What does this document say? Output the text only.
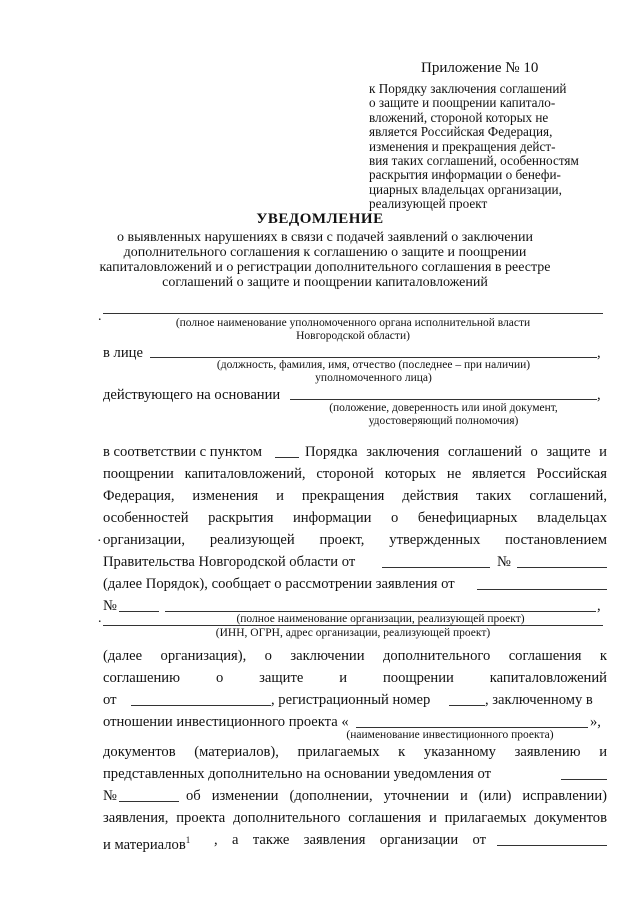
Приложение № 10
к Порядку заключения соглашений
о защите и поощрении капитало-
вложений, стороной которых не
является Российская Федерация,
изменения и прекращения дейст-
вия таких соглашений, особенностям
раскрытия информации о бенефи-
циарных владельцах организации,
реализующей проект
УВЕДОМЛЕНИЕ
о выявленных нарушениях в связи с подачей заявлений о заключении
дополнительного соглашения к соглашению о защите и поощрении
капиталовложений и о регистрации дополнительного соглашения в реестре
соглашений о защите и поощрении капиталовложений
.	(полное наименование уполномоченного органа исполнительной власти
Новгородской области)
в лице	,
(должность, фамилия, имя, отчество (последнее – при наличии)
уполномоченного лица)
действующего на основании	,
(положение, доверенность или иной документ,
удостоверяющий полномочия)
в соответствии с пунктом	Порядка заключения соглашений о защите и
поощрении капиталовложений, стороной которых не является Российская
Федерация, изменения и прекращения действия таких соглашений,
особенностей раскрытия информации о бенефициарных владельцах
организации, реализующей проект, утвержденных постановлением
·
Правительства Новгородской области от	№
(далее Порядок), сообщает о рассмотрении заявления от
№	,
(полное наименование организации, реализующей проект)
.
(ИНН, ОГРН, адрес организации, реализующей проект)
(далее организация), о заключении дополнительного соглашения к
соглашению о защите и поощрении капиталовложений
от	, регистрационный номер	, заключенному в
отношении инвестиционного проекта «	»,
(наименование инвестиционного проекта)
документов (материалов), прилагаемых к указанному заявлению и
представленных дополнительно на основании уведомления от
№	об изменении (дополнении, уточнении и (или) исправлении)
заявления, проекта дополнительного соглашения и прилагаемых документов
и материалов$^1$ , а также заявления организации от
